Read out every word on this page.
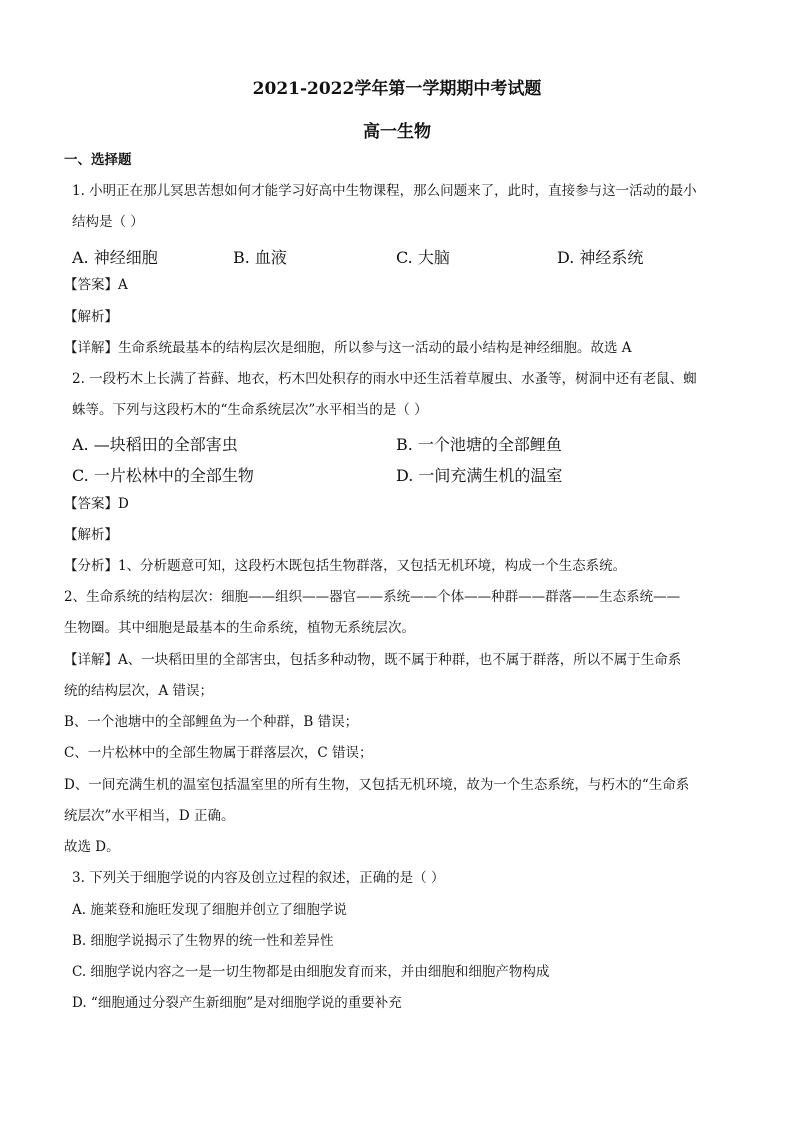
2021-2022学年第一学期期中考试题
高一生物
一、选择题
1. 小明正在那儿冥思苦想如何才能学习好高中生物课程，那么问题来了，此时，直接参与这一活动的最小
结构是（ ）
A. 神经细胞	B. 血液	C. 大脑	D. 神经系统
【答案】A
【解析】
【详解】生命系统最基本的结构层次是细胞，所以参与这一活动的最小结构是神经细胞。故选 A
2. 一段朽木上长满了苔藓、地衣，朽木凹处积存的雨水中还生活着草履虫、水蚤等，树洞中还有老鼠、蜘
蛛等。下列与这段朽木的“生命系统层次”水平相当的是（ ）
A. —块稻田的全部害虫	B. 一个池塘的全部鲤鱼
C. 一片松林中的全部生物	D. 一间充满生机的温室
【答案】D
【解析】
【分析】1、分析题意可知，这段朽木既包括生物群落，又包括无机环境，构成一个生态系统。
2、生命系统的结构层次：细胞——组织——器官——系统——个体——种群——群落——生态系统——
生物圈。其中细胞是最基本的生命系统，植物无系统层次。
【详解】A、一块稻田里的全部害虫，包括多种动物，既不属于种群，也不属于群落，所以不属于生命系
统的结构层次，A 错误；
B、一个池塘中的全部鲤鱼为一个种群，B 错误；
C、一片松林中的全部生物属于群落层次，C 错误；
D、一间充满生机的温室包括温室里的所有生物，又包括无机环境，故为一个生态系统，与朽木的“生命系
统层次”水平相当，D 正确。
故选 D。
3. 下列关于细胞学说的内容及创立过程的叙述，正确的是（ ）
A. 施莱登和施旺发现了细胞并创立了细胞学说
B. 细胞学说揭示了生物界的统一性和差异性
C. 细胞学说内容之一是一切生物都是由细胞发育而来，并由细胞和细胞产物构成
D. “细胞通过分裂产生新细胞”是对细胞学说的重要补充
